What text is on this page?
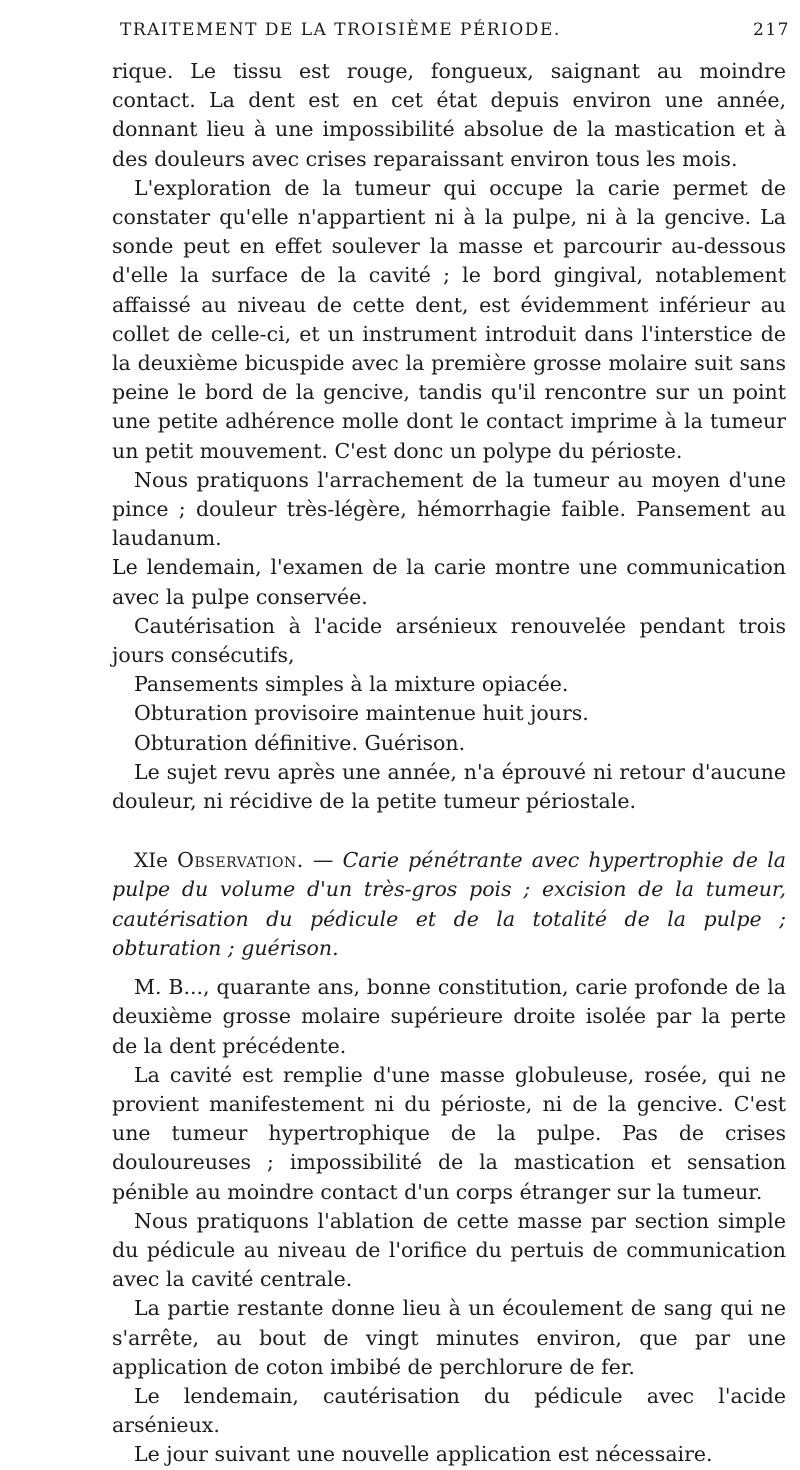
TRAITEMENT DE LA TROISIÈME PÉRIODE.	217

rique. Le tissu est rouge, fongueux, saignant au moindre contact. La dent est en cet état depuis environ une année, donnant lieu à une impossibilité absolue de la mastication et à des douleurs avec crises reparaissant environ tous les mois.

L'exploration de la tumeur qui occupe la carie permet de constater qu'elle n'appartient ni à la pulpe, ni à la gencive. La sonde peut en effet soulever la masse et parcourir au-dessous d'elle la surface de la cavité ; le bord gingival, notablement affaissé au niveau de cette dent, est évidemment inférieur au collet de celle-ci, et un instrument introduit dans l'interstice de la deuxième bicuspide avec la première grosse molaire suit sans peine le bord de la gencive, tandis qu'il rencontre sur un point une petite adhérence molle dont le contact imprime à la tumeur un petit mouvement. C'est donc un polype du périoste.

Nous pratiquons l'arrachement de la tumeur au moyen d'une pince ; douleur très-légère, hémorrhagie faible. Pansement au laudanum.

Le lendemain, l'examen de la carie montre une communication avec la pulpe conservée.

Cautérisation à l'acide arsénieux renouvelée pendant trois jours consécutifs,

Pansements simples à la mixture opiacée.

Obturation provisoire maintenue huit jours.

Obturation définitive. Guérison.

Le sujet revu après une année, n'a éprouvé ni retour d'aucune douleur, ni récidive de la petite tumeur périostale.

XIe Observation. — Carie pénétrante avec hypertrophie de la pulpe du volume d'un très-gros pois ; excision de la tumeur, cautérisation du pédicule et de la totalité de la pulpe ; obturation ; guérison.

M. B..., quarante ans, bonne constitution, carie profonde de la deuxième grosse molaire supérieure droite isolée par la perte de la dent précédente.

La cavité est remplie d'une masse globuleuse, rosée, qui ne provient manifestement ni du périoste, ni de la gencive. C'est une tumeur hypertrophique de la pulpe. Pas de crises douloureuses ; impossibilité de la mastication et sensation pénible au moindre contact d'un corps étranger sur la tumeur.

Nous pratiquons l'ablation de cette masse par section simple du pédicule au niveau de l'orifice du pertuis de communication avec la cavité centrale.

La partie restante donne lieu à un écoulement de sang qui ne s'arrête, au bout de vingt minutes environ, que par une application de coton imbibé de perchlorure de fer.

Le lendemain, cautérisation du pédicule avec l'acide arsénieux.

Le jour suivant une nouvelle application est nécessaire.
